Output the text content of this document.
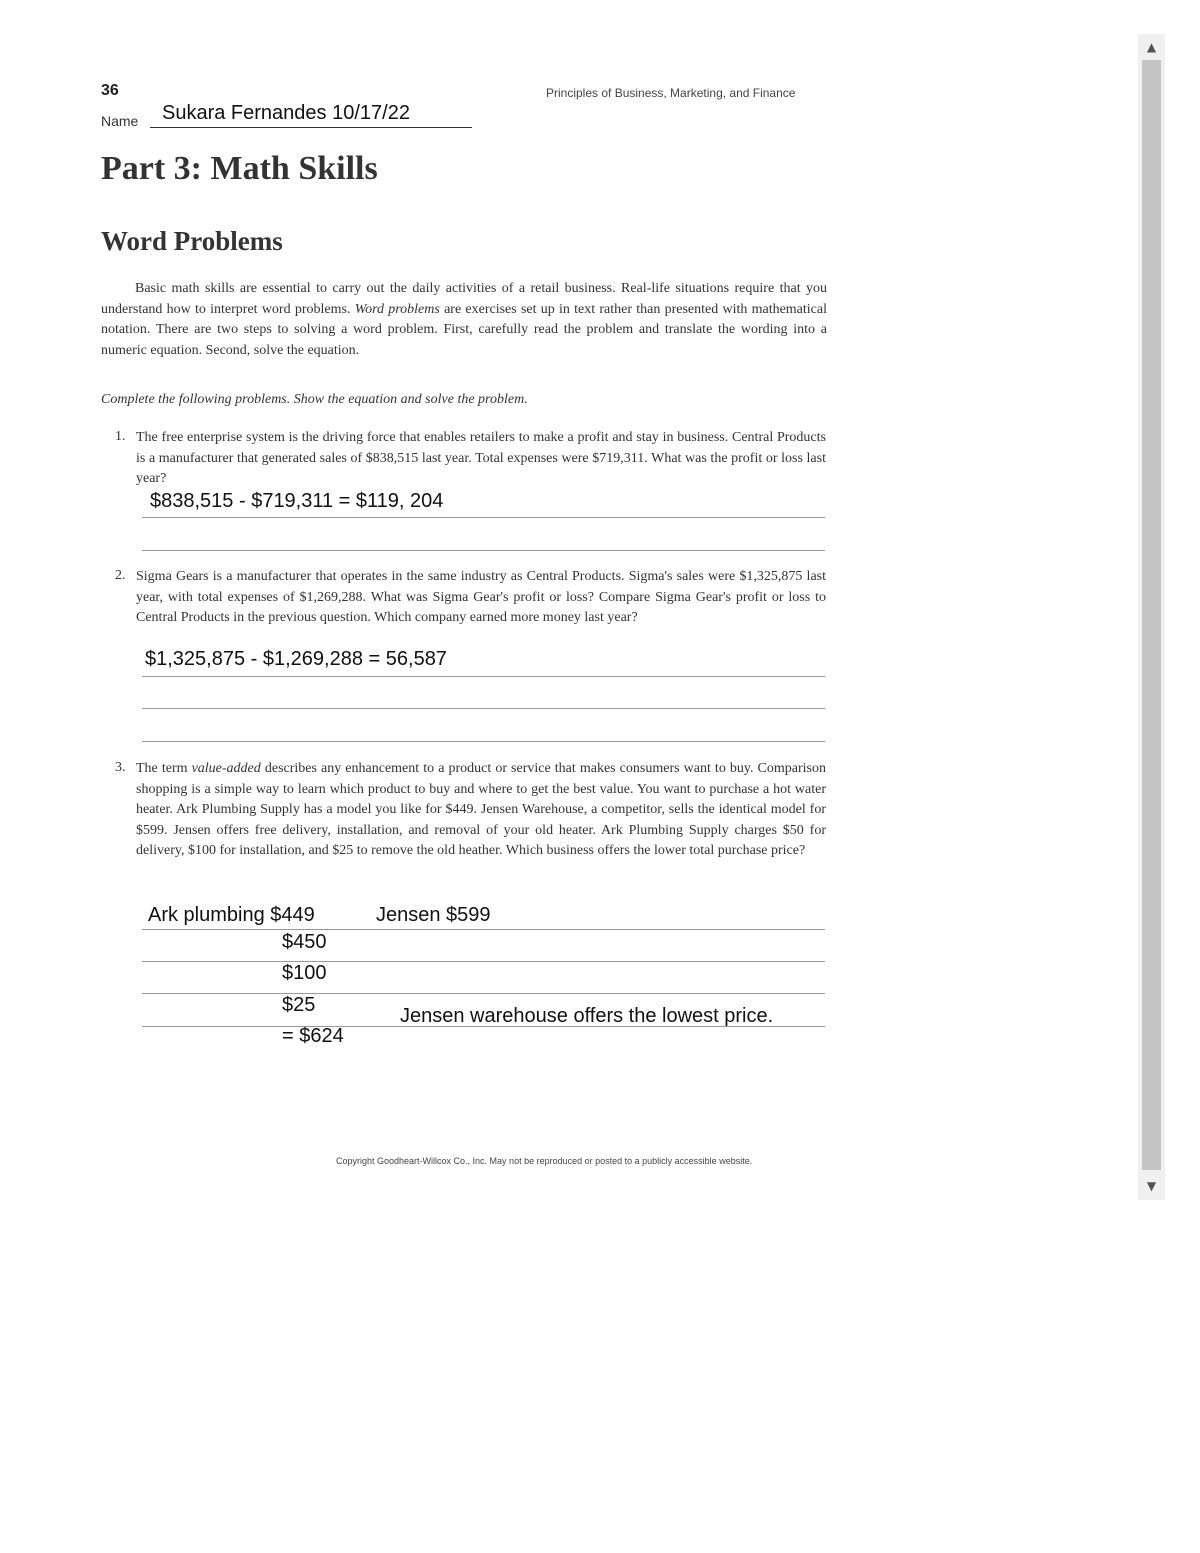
36	Principles of Business, Marketing, and Finance
Name Sukara Fernandes 10/17/22
Part 3: Math Skills
Word Problems

Basic math skills are essential to carry out the daily activities of a retail business. Real-life situations require that you understand how to interpret word problems. Word problems are exercises set up in text rather than presented with mathematical notation. There are two steps to solving a word problem. First, carefully read the problem and translate the wording into a numeric equation. Second, solve the equation.

Complete the following problems. Show the equation and solve the problem.
1. The free enterprise system is the driving force that enables retailers to make a profit and stay in business. Central Products is a manufacturer that generated sales of $838,515 last year. Total expenses were $719,311. What was the profit or loss last year?

$838,515 - $719,311 = $119, 204
2. Sigma Gears is a manufacturer that operates in the same industry as Central Products. Sigma's sales were $1,325,875 last year, with total expenses of $1,269,288. What was Sigma Gear's profit or loss? Compare Sigma Gear's profit or loss to Central Products in the previous question. Which company earned more money last year?

$1,325,875 - $1,269,288 = 56,587
3. The term value-added describes any enhancement to a product or service that makes consumers want to buy. Comparison shopping is a simple way to learn which product to buy and where to get the best value. You want to purchase a hot water heater. Ark Plumbing Supply has a model you like for $449. Jensen Warehouse, a competitor, sells the identical model for $599. Jensen offers free delivery, installation, and removal of your old heater. Ark Plumbing Supply charges $50 for delivery, $100 for installation, and $25 to remove the old heather. Which business offers the lower total purchase price?

Ark plumbing $449	Jensen $599
$450
$100
$25	Jensen warehouse offers the lowest price.
= $624
Copyright Goodheart-Willcox Co., Inc. May not be reproduced or posted to a publicly accessible website.
▲
▼
